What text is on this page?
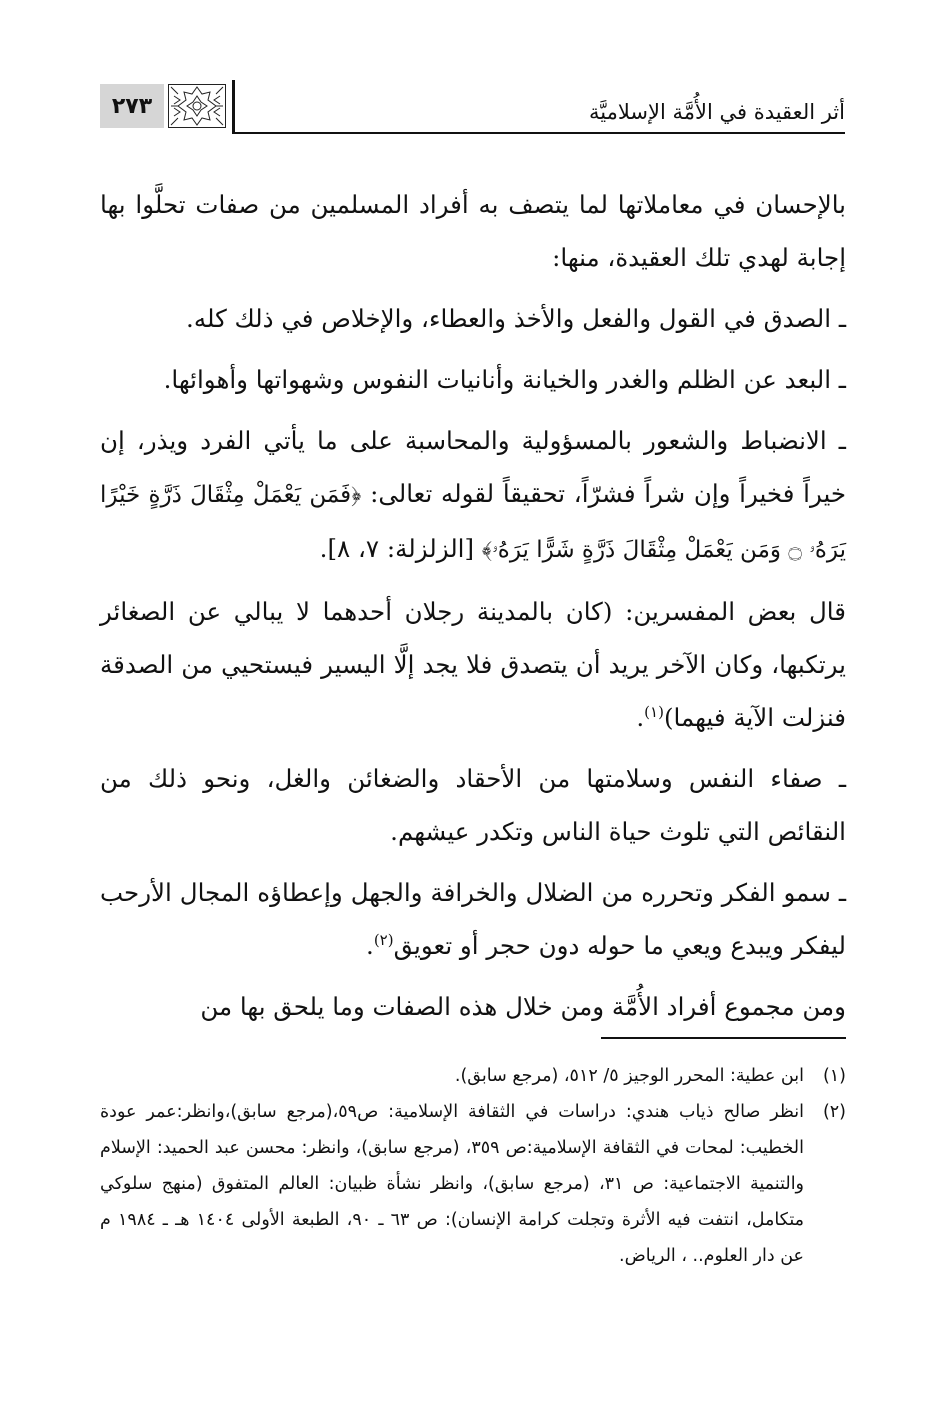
أثر العقيدة في الأُمَّة الإسلاميَّة
٢٧٣

بالإحسان في معاملاتها لما يتصف به أفراد المسلمين من صفات تحلَّوا بها إجابة لهدي تلك العقيدة، منها:

ـ الصدق في القول والفعل والأخذ والعطاء، والإخلاص في ذلك كله.

ـ البعد عن الظلم والغدر والخيانة وأنانيات النفوس وشهواتها وأهوائها.

ـ الانضباط والشعور بالمسؤولية والمحاسبة على ما يأتي الفرد ويذر، إن خيراً فخيراً وإن شراً فشرّاً، تحقيقاً لقوله تعالى: ﴿فَمَن يَعْمَلْ مِثْقَالَ ذَرَّةٍ خَيْرًا يَرَهُۥ ۝ وَمَن يَعْمَلْ مِثْقَالَ ذَرَّةٍ شَرًّا يَرَهُۥ﴾ [الزلزلة: ٧، ٨].

قال بعض المفسرين: (كان بالمدينة رجلان أحدهما لا يبالي عن الصغائر يرتكبها، وكان الآخر يريد أن يتصدق فلا يجد إلَّا اليسير فيستحيي من الصدقة فنزلت الآية فيهما)$^{(١)}$.

ـ صفاء النفس وسلامتها من الأحقاد والضغائن والغل، ونحو ذلك من النقائص التي تلوث حياة الناس وتكدر عيشهم.

ـ سمو الفكر وتحرره من الضلال والخرافة والجهل وإعطاؤه المجال الأرحب ليفكر ويبدع ويعي ما حوله دون حجر أو تعويق$^{(٢)}$.

ومن مجموع أفراد الأُمَّة ومن خلال هذه الصفات وما يلحق بها من

(١)
ابن عطية: المحرر الوجيز ٥/ ٥١٢، (مرجع سابق).
(٢)
انظر صالح ذياب هندي: دراسات في الثقافة الإسلامية: ص٥٩،(مرجع سابق)،وانظر:عمر عودة الخطيب: لمحات في الثقافة الإسلامية:ص ٣٥٩، (مرجع سابق)، وانظر: محسن عبد الحميد: الإسلام والتنمية الاجتماعية: ص ٣١، (مرجع سابق)، وانظر نشأة ظبيان: العالم المتفوق (منهج سلوكي متكامل، انتفت فيه الأثرة وتجلت كرامة الإنسان): ص ٦٣ ـ ٩٠، الطبعة الأولى ١٤٠٤ هـ ـ ١٩٨٤ م عن دار العلوم.. ، الرياض.
